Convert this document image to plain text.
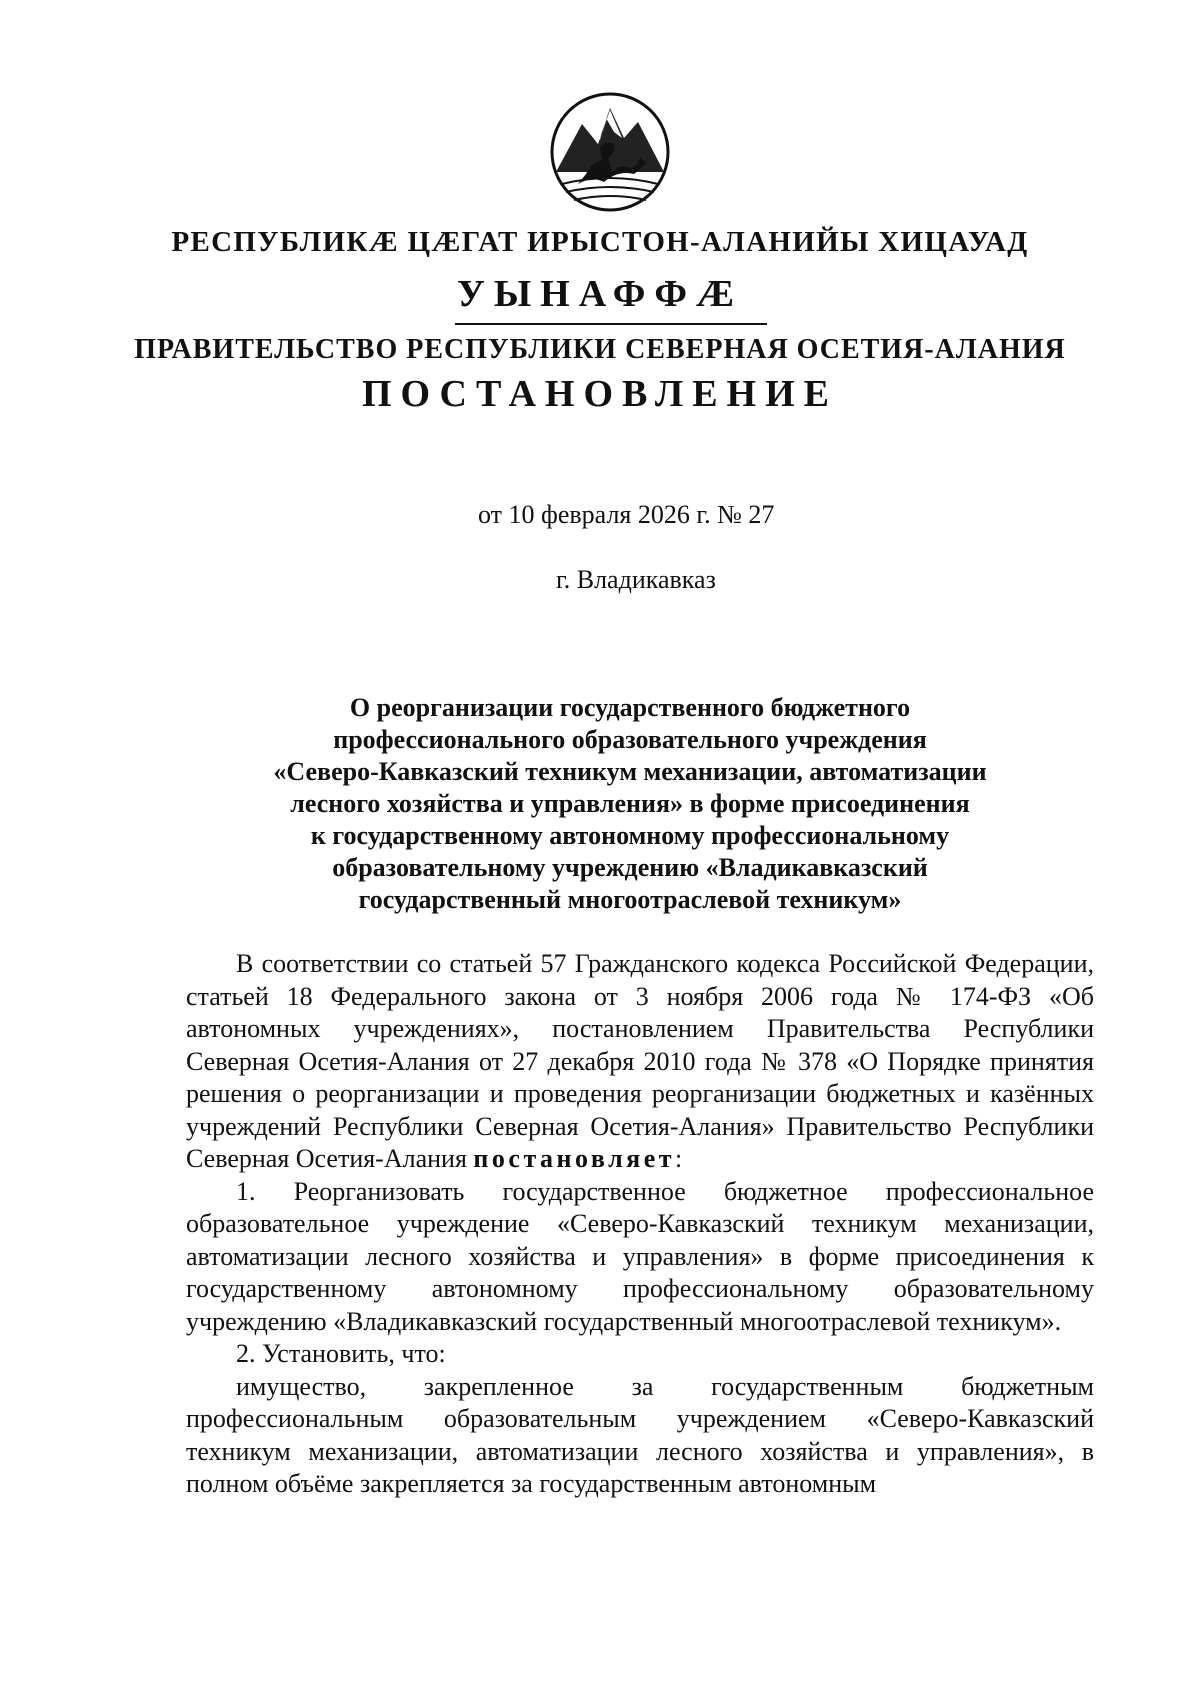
РЕСПУБЛИКӔ ЦӔГАТ ИРЫСТОН-АЛАНИЙЫ ХИЦАУАД
УЫНАФФӔ
ПРАВИТЕЛЬСТВО РЕСПУБЛИКИ СЕВЕРНАЯ ОСЕТИЯ-АЛАНИЯ
ПОСТАНОВЛЕНИЕ
от 10 февраля 2026 г. № 27
г. Владикавказ
О реорганизации государственного бюджетного
профессионального образовательного учреждения
«Северо-Кавказский техникум механизации, автоматизации
лесного хозяйства и управления» в форме присоединения
к государственному автономному профессиональному
образовательному учреждению «Владикавказский
государственный многоотраслевой техникум»

В соответствии со статьей 57 Гражданского кодекса Российской Федерации, статьей 18 Федерального закона от 3 ноября 2006 года № 174-ФЗ «Об автономных учреждениях», постановлением Правительства Республики Северная Осетия-Алания от 27 декабря 2010 года № 378 «О Порядке принятия решения о реорганизации и проведения реорганизации бюджетных и казённых учреждений Республики Северная Осетия-Алания» Правительство Республики Северная Осетия-Алания постановляет:

1. Реорганизовать государственное бюджетное профессиональное образовательное учреждение «Северо-Кавказский техникум механизации, автоматизации лесного хозяйства и управления» в форме присоединения к государственному автономному профессиональному образовательному учреждению «Владикавказский государственный многоотраслевой техникум».

2. Установить, что:

имущество, закрепленное за государственным бюджетным профессиональным образовательным учреждением «Северо-Кавказский техникум механизации, автоматизации лесного хозяйства и управления», в полном объёме закрепляется за государственным автономным
